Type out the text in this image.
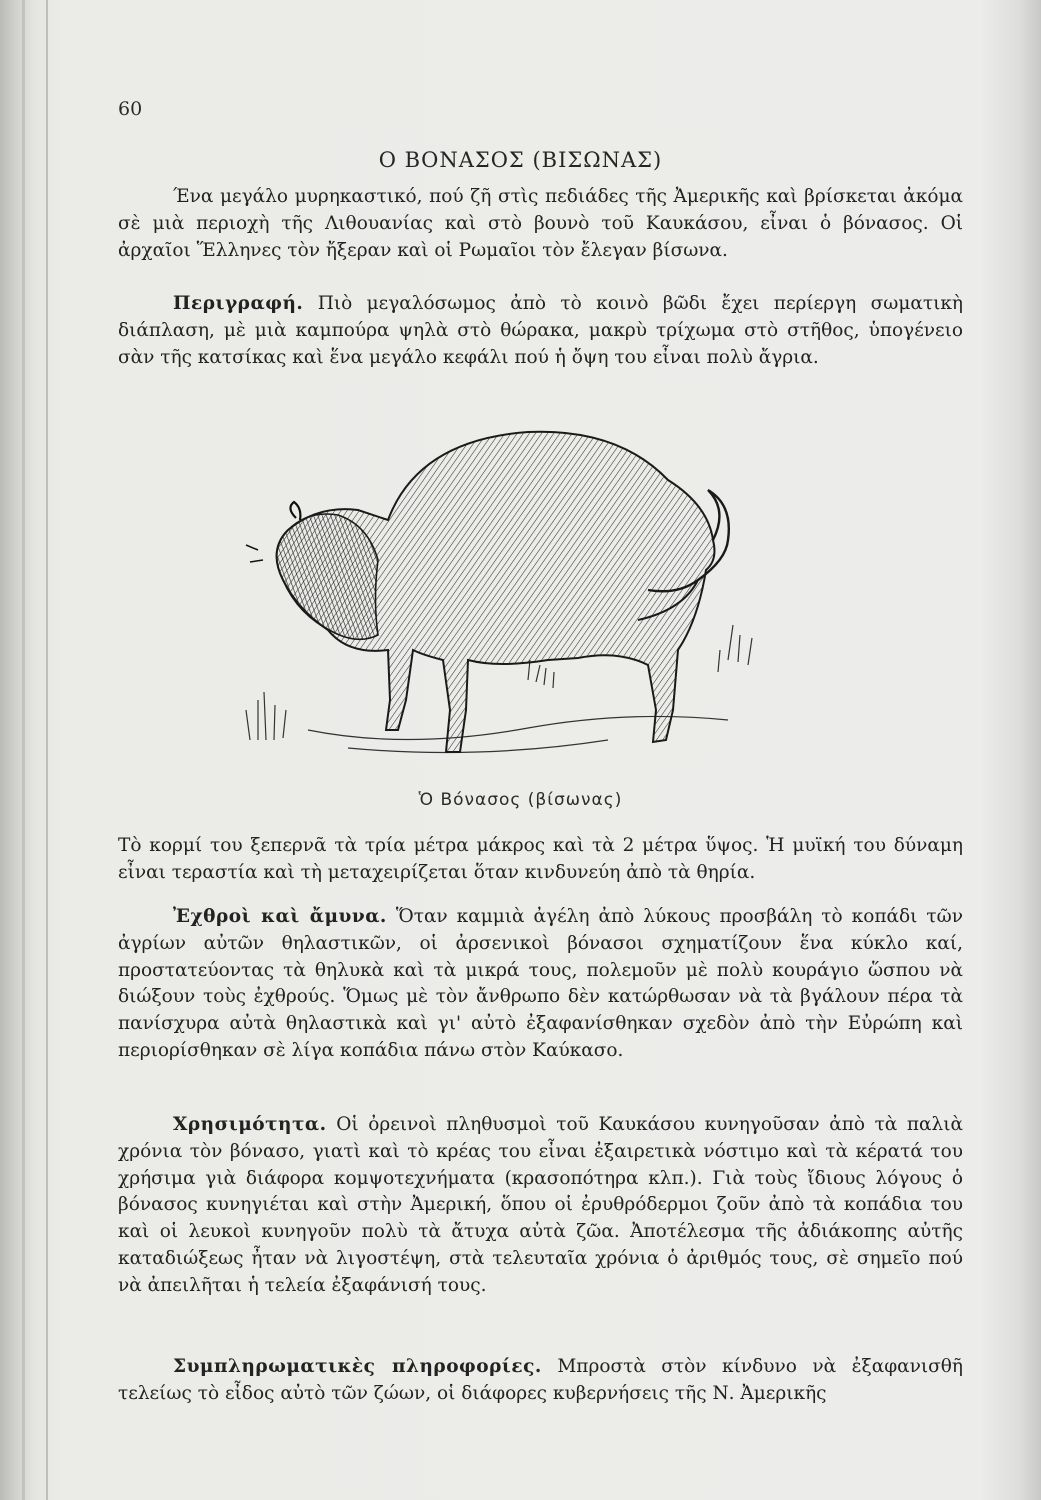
60
Ο ΒΟΝΑΣΟΣ (ΒΙΣΩΝΑΣ)

Ένα μεγάλο μυρηκαστικό, πού ζῆ στὶς πεδιάδες τῆς Ἀμερικῆς καὶ βρίσκεται ἀκόμα σὲ μιὰ περιοχὴ τῆς Λιθουανίας καὶ στὸ βουνὸ τοῦ Καυκάσου, εἶναι ὁ βόνασος. Οἱ ἀρχαῖοι Ἕλληνες τὸν ἤξεραν καὶ οἱ Ρωμαῖοι τὸν ἔλεγαν βίσωνα.

Περιγραφή. Πιὸ μεγαλόσωμος ἀπὸ τὸ κοινὸ βῶδι ἔχει περίεργη σωματικὴ διάπλαση, μὲ μιὰ καμπούρα ψηλὰ στὸ θώρακα, μακρὺ τρίχωμα στὸ στῆθος, ὑπογένειο σὰν τῆς κατσίκας καὶ ἕνα μεγάλο κεφάλι πού ἡ ὄψη του εἶναι πολὺ ἄγρια.

Ὁ Βόνασος (βίσωνας)

Τὸ κορμί του ξεπερνᾶ τὰ τρία μέτρα μάκρος καὶ τὰ 2 μέτρα ὕψος. Ἡ μυϊκή του δύναμη εἶναι τεραστία καὶ τὴ μεταχειρίζεται ὅταν κινδυνεύη ἀπὸ τὰ θηρία.

Ἐχθροὶ καὶ ἄμυνα. Ὅταν καμμιὰ ἀγέλη ἀπὸ λύκους προσβάλη τὸ κοπάδι τῶν ἀγρίων αὐτῶν θηλαστικῶν, οἱ ἀρσενικοὶ βόνασοι σχηματίζουν ἕνα κύκλο καί, προστατεύοντας τὰ θηλυκὰ καὶ τὰ μικρά τους, πολεμοῦν μὲ πολὺ κουράγιο ὥσπου νὰ διώξουν τοὺς ἐχθρούς. Ὅμως μὲ τὸν ἄνθρωπο δὲν κατώρθωσαν νὰ τὰ βγάλουν πέρα τὰ πανίσχυρα αὐτὰ θηλαστικὰ καὶ γι' αὐτὸ ἐξαφανίσθηκαν σχεδὸν ἀπὸ τὴν Εὐρώπη καὶ περιορίσθηκαν σὲ λίγα κοπάδια πάνω στὸν Καύκασο.

Χρησιμότητα. Οἱ ὀρεινοὶ πληθυσμοὶ τοῦ Καυκάσου κυνηγοῦσαν ἀπὸ τὰ παλιὰ χρόνια τὸν βόνασο, γιατὶ καὶ τὸ κρέας του εἶναι ἐξαιρετικὰ νόστιμο καὶ τὰ κέρατά του χρήσιμα γιὰ διάφορα κομψοτεχνήματα (κρασοπότηρα κλπ.). Γιὰ τοὺς ἴδιους λόγους ὁ βόνασος κυνηγιέται καὶ στὴν Ἀμερική, ὅπου οἱ ἐρυθρόδερμοι ζοῦν ἀπὸ τὰ κοπάδια του καὶ οἱ λευκοὶ κυνηγοῦν πολὺ τὰ ἄτυχα αὐτὰ ζῶα. Ἀποτέλεσμα τῆς ἀδιάκοπης αὐτῆς καταδιώξεως ἦταν νὰ λιγοστέψη, στὰ τελευταῖα χρόνια ὁ ἀριθμός τους, σὲ σημεῖο πού νὰ ἀπειλῆται ἡ τελεία ἐξαφάνισή τους.

Συμπληρωματικὲς πληροφορίες. Μπροστὰ στὸν κίνδυνο νὰ ἐξαφανισθῆ τελείως τὸ εἶδος αὐτὸ τῶν ζώων, οἱ διάφορες κυβερνήσεις τῆς Ν. Ἀμερικῆς
